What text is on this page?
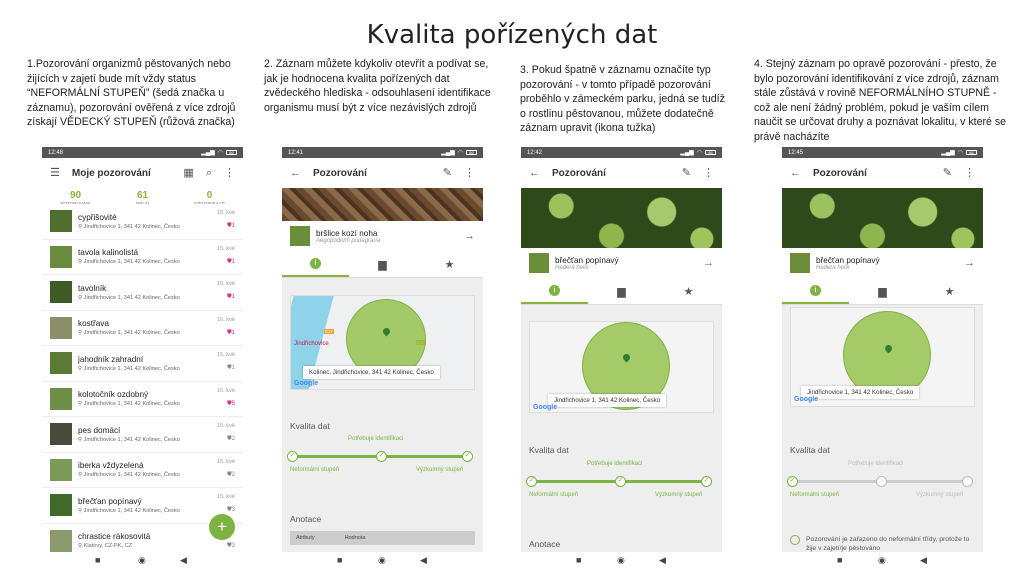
Kvalita pořízených dat
1.Pozorování organizmů pěstovaných nebo žijících v zajetí bude mít vždy status “NEFORMÁLNÍ STUPEŇ” (šedá značka u záznamu), pozorování ověřená z více zdrojů získají VĚDECKÝ STUPEŇ (růžová značka)
2. Záznam můžete kdykoliv otevřít a podívat se, jak je hodnocena kvalita pořízených dat zvědeckého hlediska - odsouhlasení identifikace organismu musí být z více nezávislých zdrojů
3. Pokud špatně v záznamu označíte typ pozorování - v tomto případě pozorování proběhlo v zámeckém parku, jedná se tudíž o rostlinu pěstovanou, můžete dodatečně záznam upravit (ikona tužka)
4. Stejný záznam po opravě pozorování - přesto, že bylo pozorování identifikování z více zdrojů, záznam stále zůstává v rovině NEFORMÁLNÍHO STUPNĚ - což ale není žádný problém, pokud je vaším cílem naučit se určovat druhy a poznávat lokalitu, v které se právě nacházíte
12:48	▂▄▆ ◠	86
☰ Moje pozorování	▦ ⌕ ⋮
90	61	0
cypřišovité
⚲ Jindřichovice 1, 341 42 Kolinec, Česko
15. kvě
⛊1
tavola kalinolistá
⚲ Jindřichovice 1, 341 42 Kolinec, Česko
15. kvě
⛊1
tavolník
⚲ Jindřichovice 1, 341 42 Kolinec, Česko
15. kvě
⛊1
kostřava
⚲ Jindřichovice 1, 341 42 Kolinec, Česko
15. kvě
⛊1
jahodník zahradní
⚲ Jindřichovice 1, 341 42 Kolinec, Česko
15. kvě
⛊1
kolotočník ozdobný
⚲ Jindřichovice 1, 341 42 Kolinec, Česko
15. kvě
⛊5
pes domácí
⚲ Jindřichovice 1, 341 42 Kolinec, Česko
15. kvě
⛊2
iberka vždyzelená
⚲ Jindřichovice 1, 341 42 Kolinec, Česko
15. kvě
⛊2
břečťan popínavý
⚲ Jindřichovice 1, 341 42 Kolinec, Česko
15. kvě
⛊3
chrastice rákosovitá
⚲ Klatovy, CZ-PK, CZ	⛊3
+
■	◉	◀
12:41	▂▄▆ ◠	86
← Pozorování	✎ ⋮
bršlice kozí noha
Aegopodium podagraria	→
i	▆	★
Jindřichovice
E17
Kolinec, Jindřichovice, 341 42 Kolinec, Česko
Google
Kvalita dat
Potřebuje identifikaci
✓	✓	✓
Neformální stupeň	Výzkumný stupeň
Anotace
Atributy	Hodnota
■	◉	◀
12:42	▂▄▆ ◠	86
← Pozorování	✎ ⋮
břečťan popínavý
Hedera helix	→
i	▆	★
Jindřichovice 1, 341 42 Kolinec, Česko
Google
Kvalita dat
Potřebuje identifikaci
✓	✓	✓
Neformální stupeň	Výzkumný stupeň
Anotace
■	◉	◀
12:45	▂▄▆ ◠	86
← Pozorování	✎ ⋮
břečťan popínavý
Hedera helix	→
i	▆	★
Jindřichovice 1, 341 42 Kolinec, Česko
Google
Kvalita dat
Potřebuje identifikaci
✓
Neformální stupeň	Výzkumný stupeň
Pozorování je zařazeno do neformální třídy, protože to žije v zajetí/je pěstováno
■	◉	◀
